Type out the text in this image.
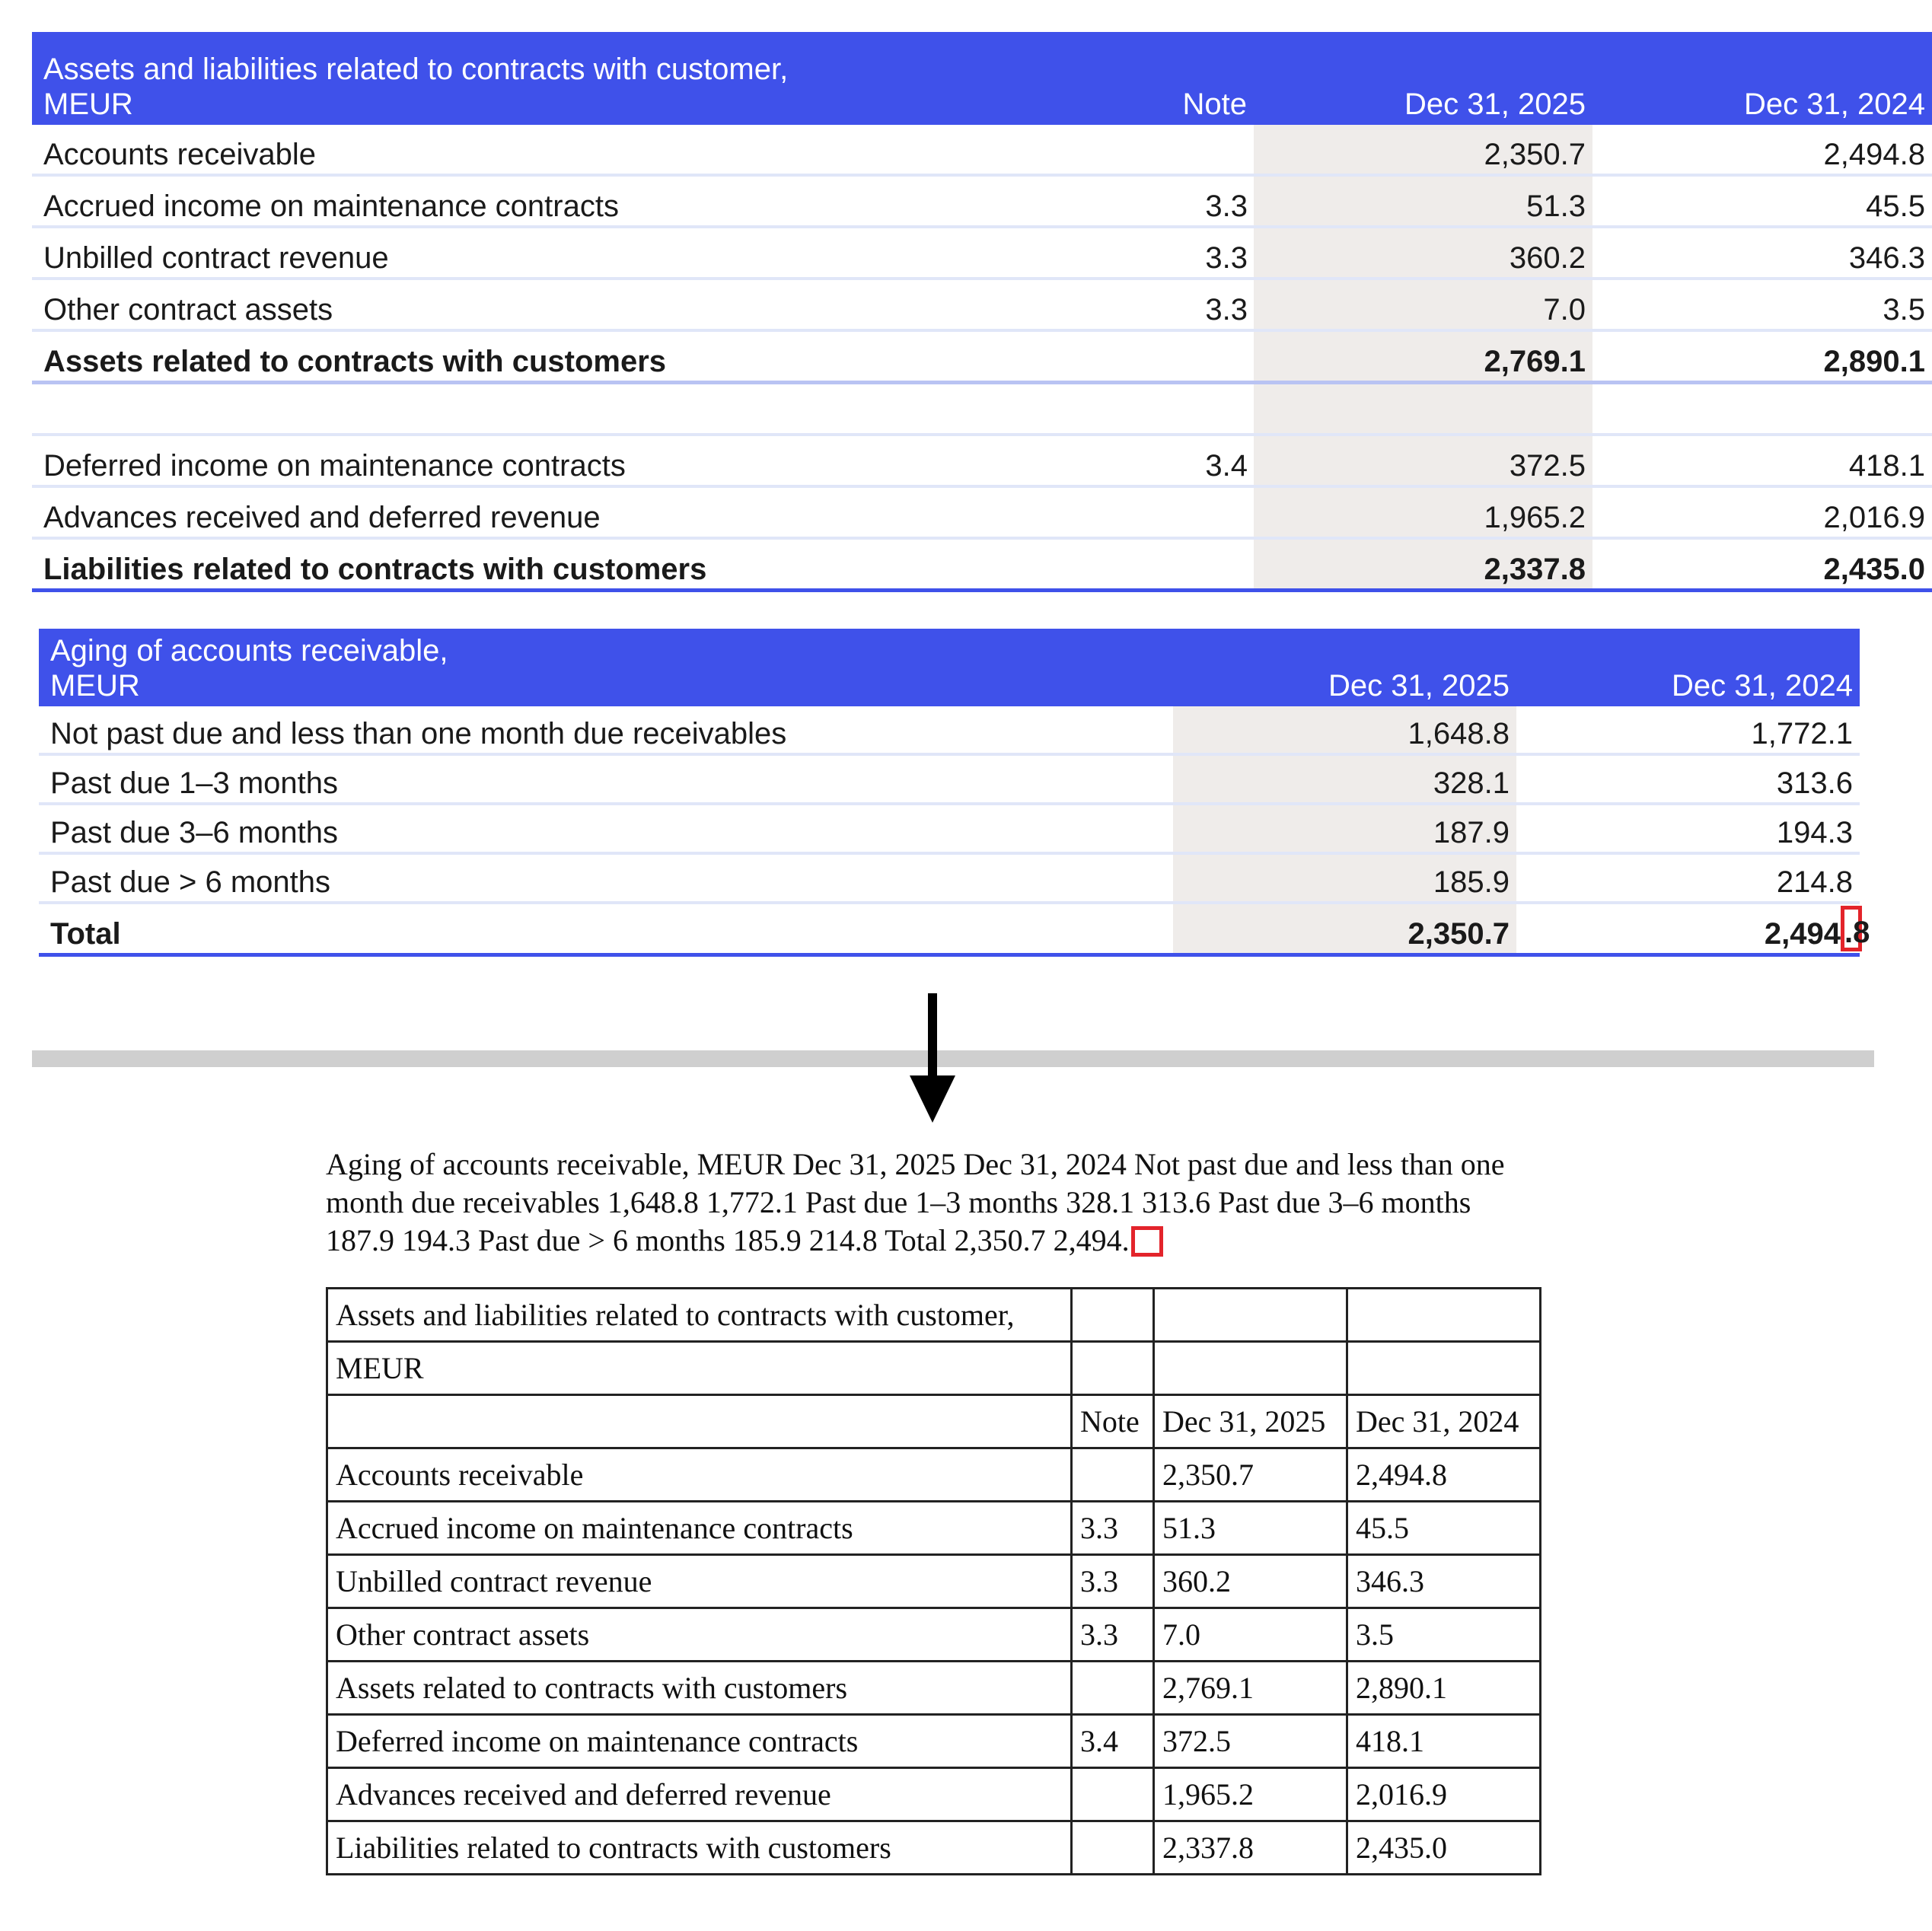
Assets and liabilities related to contracts with customer,
MEUR	Note	Dec 31, 2025	Dec 31, 2024
Accounts receivable		2,350.7	2,494.8
Accrued income on maintenance contracts	3.3	51.3	45.5
Unbilled contract revenue	3.3	360.2	346.3
Other contract assets	3.3	7.0	3.5
Assets related to contracts with customers		2,769.1	2,890.1

Deferred income on maintenance contracts	3.4	372.5	418.1
Advances received and deferred revenue		1,965.2	2,016.9
Liabilities related to contracts with customers		2,337.8	2,435.0
Aging of accounts receivable,
MEUR	Dec 31, 2025	Dec 31, 2024
Not past due and less than one month due receivables	1,648.8	1,772.1
Past due 1–3 months	328.1	313.6
Past due 3–6 months	187.9	194.3
Past due > 6 months	185.9	214.8
Total	2,350.7	2,494 .8
Aging of accounts receivable, MEUR Dec 31, 2025 Dec 31, 2024 Not past due and less than one month due receivables 1,648.8 1,772.1 Past due 1–3 months 328.1 313.6 Past due 3–6 months 187.9 194.3 Past due > 6 months 185.9 214.8 Total 2,350.7 2,494.
Assets and liabilities related to contracts with customer,			
MEUR			
	Note	Dec 31, 2025	Dec 31, 2024
Accounts receivable		2,350.7	2,494.8
Accrued income on maintenance contracts	3.3	51.3	45.5
Unbilled contract revenue	3.3	360.2	346.3
Other contract assets	3.3	7.0	3.5
Assets related to contracts with customers		2,769.1	2,890.1
Deferred income on maintenance contracts	3.4	372.5	418.1
Advances received and deferred revenue		1,965.2	2,016.9
Liabilities related to contracts with customers		2,337.8	2,435.0
